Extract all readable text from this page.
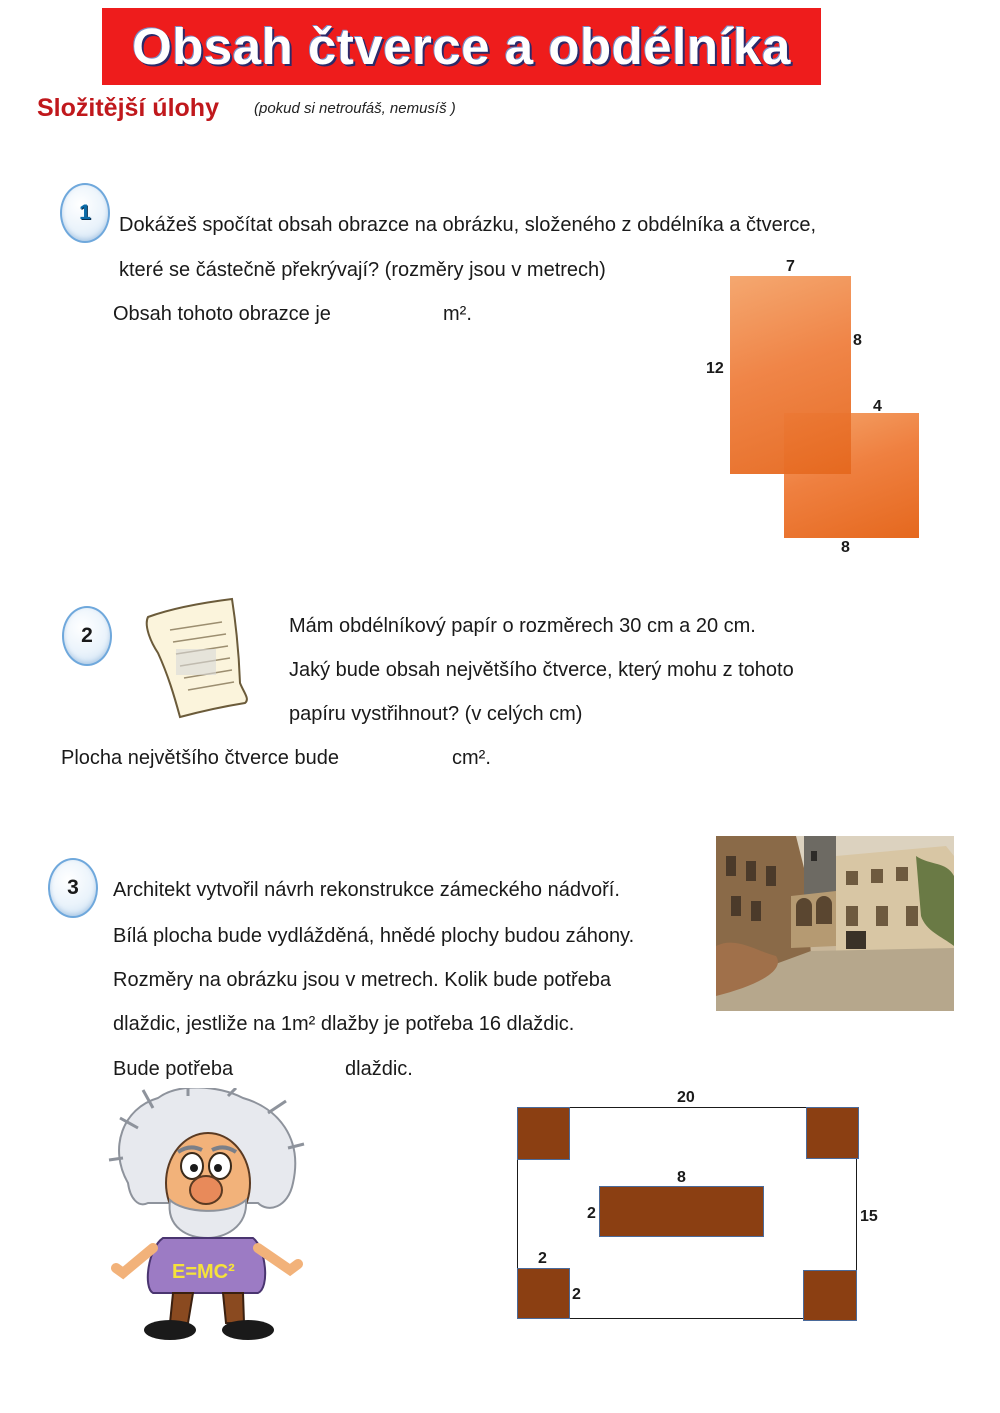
Obsah čtverce a obdélníka
Složitější úlohy (pokud si netroufáš, nemusíš )
1
Dokážeš spočítat obsah obrazce na obrázku, složeného z obdélníka a čtverce,
které se částečně překrývají? (rozměry jsou v metrech)
Obsah tohoto obrazce je	m².
7
12
8
4
8
2	Mám obdélníkový papír o rozměrech 30 cm a 20 cm.
Jaký bude obsah největšího čtverce, který mohu z tohoto
papíru vystřihnout? (v celých cm)
Plocha největšího čtverce bude	cm².
3	Architekt vytvořil návrh rekonstrukce zámeckého nádvoří.
Bílá plocha bude vydlážděná, hnědé plochy budou záhony.
Rozměry na obrázku jsou v metrech. Kolik bude potřeba
dlaždic, jestliže na 1m² dlažby je potřeba 16 dlaždic.
Bude potřeba	dlaždic.
E=MC²
20
15
8
2
2
2
